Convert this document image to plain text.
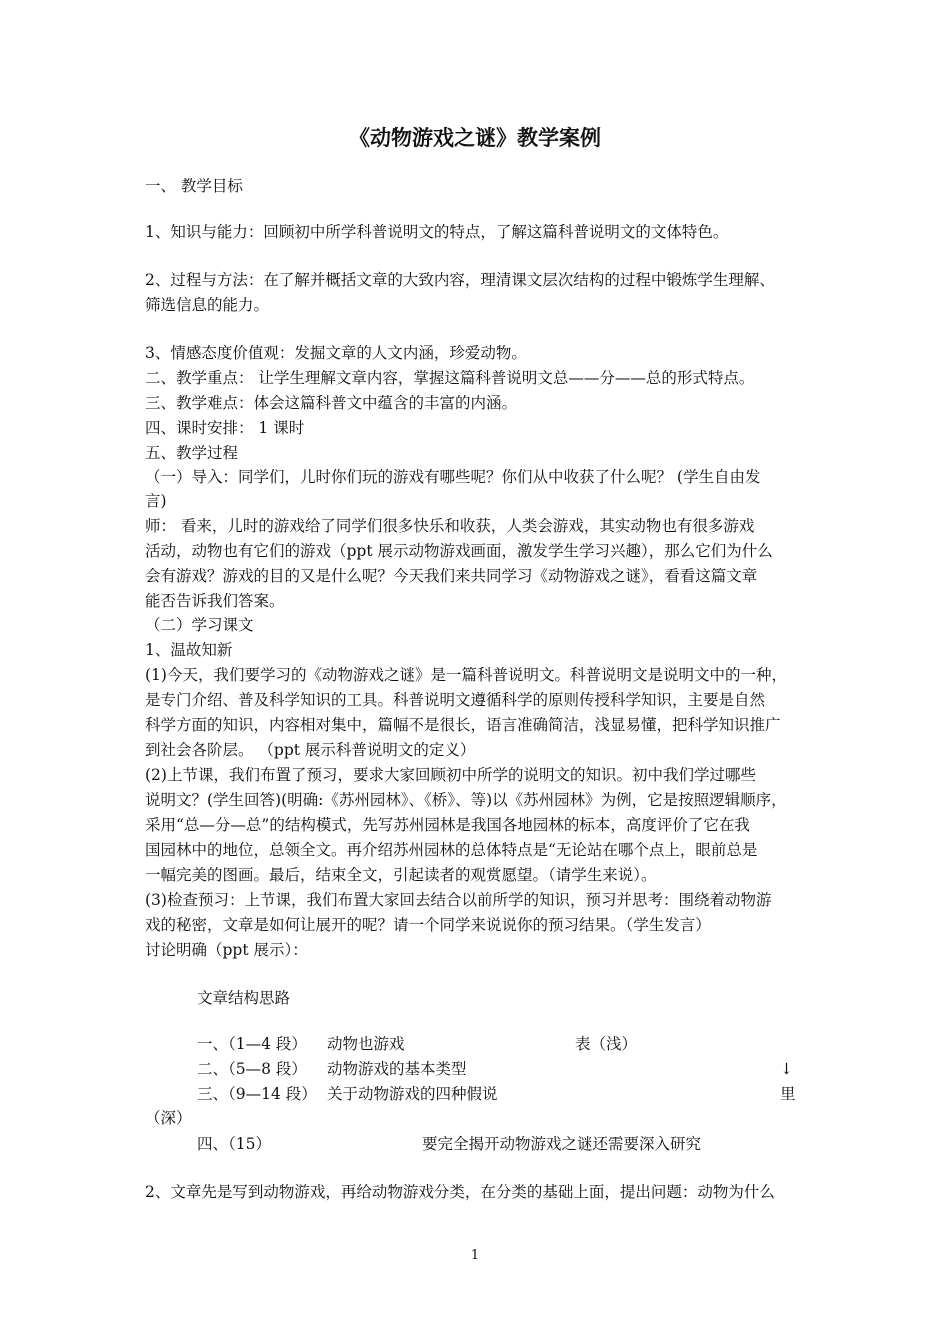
《动物游戏之谜》教学案例
一、 教学目标
1、知识与能力：回顾初中所学科普说明文的特点，了解这篇科普说明文的文体特色。
2、过程与方法：在了解并概括文章的大致内容，理清课文层次结构的过程中锻炼学生理解、
筛选信息的能力。
3、情感态度价值观：发掘文章的人文内涵，珍爱动物。
二、教学重点： 让学生理解文章内容，掌握这篇科普说明文总——分——总的形式特点。
三、教学难点：体会这篇科普文中蕴含的丰富的内涵。
四、课时安排： 1 课时
五、教学过程
（一）导入：同学们，儿时你们玩的游戏有哪些呢？你们从中收获了什么呢？ (学生自由发
言)
师： 看来，儿时的游戏给了同学们很多快乐和收获，人类会游戏，其实动物也有很多游戏
活动，动物也有它们的游戏（ppt 展示动物游戏画面，激发学生学习兴趣），那么它们为什么
会有游戏？游戏的目的又是什么呢？今天我们来共同学习《动物游戏之谜》，看看这篇文章
能否告诉我们答案。
（二）学习课文
1、温故知新
(1)今天，我们要学习的《动物游戏之谜》是一篇科普说明文。科普说明文是说明文中的一种，
是专门介绍、普及科学知识的工具。科普说明文遵循科学的原则传授科学知识，主要是自然
科学方面的知识，内容相对集中，篇幅不是很长，语言准确简洁，浅显易懂，把科学知识推广
到社会各阶层。 （ppt 展示科普说明文的定义）
(2)上节课，我们布置了预习，要求大家回顾初中所学的说明文的知识。初中我们学过哪些
说明文？(学生回答)(明确:《苏州园林》、《桥》、等)以《苏州园林》为例，它是按照逻辑顺序，
采用“总—分—总”的结构模式，先写苏州园林是我国各地园林的标本，高度评价了它在我
国园林中的地位，总领全文。再介绍苏州园林的总体特点是“无论站在哪个点上，眼前总是
一幅完美的图画。最后，结束全文，引起读者的观赏愿望。（请学生来说）。
(3)检查预习：上节课，我们布置大家回去结合以前所学的知识，预习并思考：围绕着动物游
戏的秘密，文章是如何让展开的呢？请一个同学来说说你的预习结果。（学生发言）
讨论明确（ppt 展示）：
文章结构思路
一、（1—4 段） 动物也游戏	表（浅）
二、（5—8 段） 动物游戏的基本类型	↓
三、（9—14 段） 关于动物游戏的四种假说	里
（深）
四、（15）	要完全揭开动物游戏之谜还需要深入研究
2、文章先是写到动物游戏，再给动物游戏分类，在分类的基础上面，提出问题：动物为什么
1
